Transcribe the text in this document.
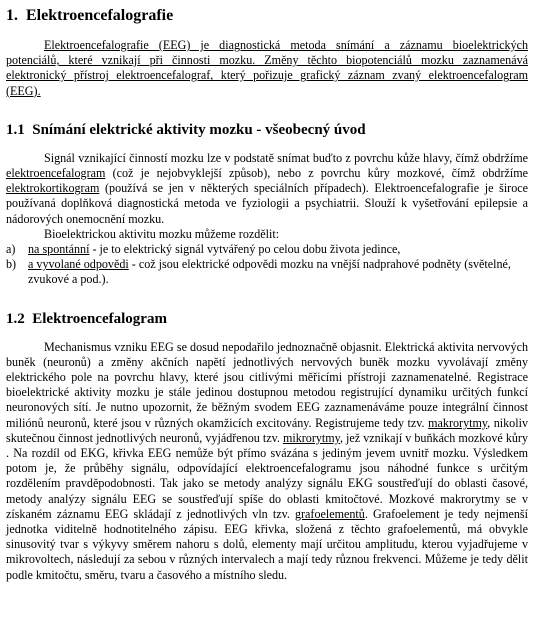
1. Elektroencefalografie

Elektroencefalografie (EEG) je diagnostická metoda snímání a záznamu bioelektrických potenciálů, které vznikají při činnosti mozku. Změny těchto biopotenciálů mozku zaznamenává elektronický přístroj elektroencefalograf, který pořizuje grafický záznam zvaný elektroencefalogram (EEG).

1.1 Snímání elektrické aktivity mozku - všeobecný úvod

Signál vznikající činností mozku lze v podstatě snímat buďto z povrchu kůže hlavy, čímž obdržíme elektroencefalogram (což je nejobvyklejší způsob), nebo z povrchu kůry mozkové, čímž obdržíme elektrokortikogram (používá se jen v některých speciálních případech). Elektroencefalografie je široce používaná doplňková diagnostická metoda ve fyziologii a psychiatrii. Slouží k vyšetřování epilepsie a nádorových onemocnění mozku.

Bioelektrickou aktivitu mozku můžeme rozdělit:

a)	na spontánní - je to elektrický signál vytvářený po celou dobu života jedince,
b) a vyvolané odpovědi - což jsou elektrické odpovědi mozku na vnější nadprahové podněty (světelné, zvukové a pod.).
1.2 Elektroencefalogram

Mechanismus vzniku EEG se dosud nepodařilo jednoznačně objasnit. Elektrická aktivita nervových buněk (neuronů) a změny akčních napětí jednotlivých nervových buněk mozku vyvolávají změny elektrického pole na povrchu hlavy, které jsou citlivými měřicími přístroji zaznamenatelné. Registrace bioelektrické aktivity mozku je stále jedinou dostupnou metodou registrující dynamiku určitých funkcí neuronových sítí. Je nutno upozornit, že běžným svodem EEG zaznamenáváme pouze integrální činnost miliónů neuronů, které jsou v různých okamžicích excitovány. Registrujeme tedy tzv. makrorytmy, nikoliv skutečnou činnost jednotlivých neuronů, vyjádřenou tzv. mikrorytmy, jež vznikají v buňkách mozkové kůry . Na rozdíl od EKG, křivka EEG nemůže být přímo svázána s jediným jevem uvnitř mozku. Výsledkem potom je, že průběhy signálu, odpovídající elektroencefalogramu jsou náhodné funkce s určitým rozdělením pravděpodobnosti. Tak jako se metody analýzy signálu EKG soustřeďují do oblasti časové, metody analýzy signálu EEG se soustřeďují spíše do oblasti kmitočtové. Mozkové makrorytmy se v získaném záznamu EEG skládají z jednotlivých vln tzv. grafoelementů. Grafoelement je tedy nejmenší jednotka viditelně hodnotitelného zápisu. EEG křivka, složená z těchto grafoelementů, má obvykle sinusovitý tvar s výkyvy směrem nahoru s dolů, elementy mají určitou amplitudu, kterou vyjadřujeme v mikrovoltech, následují za sebou v různých intervalech a mají tedy různou frekvenci. Můžeme je tedy dělit podle kmitočtu, směru, tvaru a časového a místního sledu.
